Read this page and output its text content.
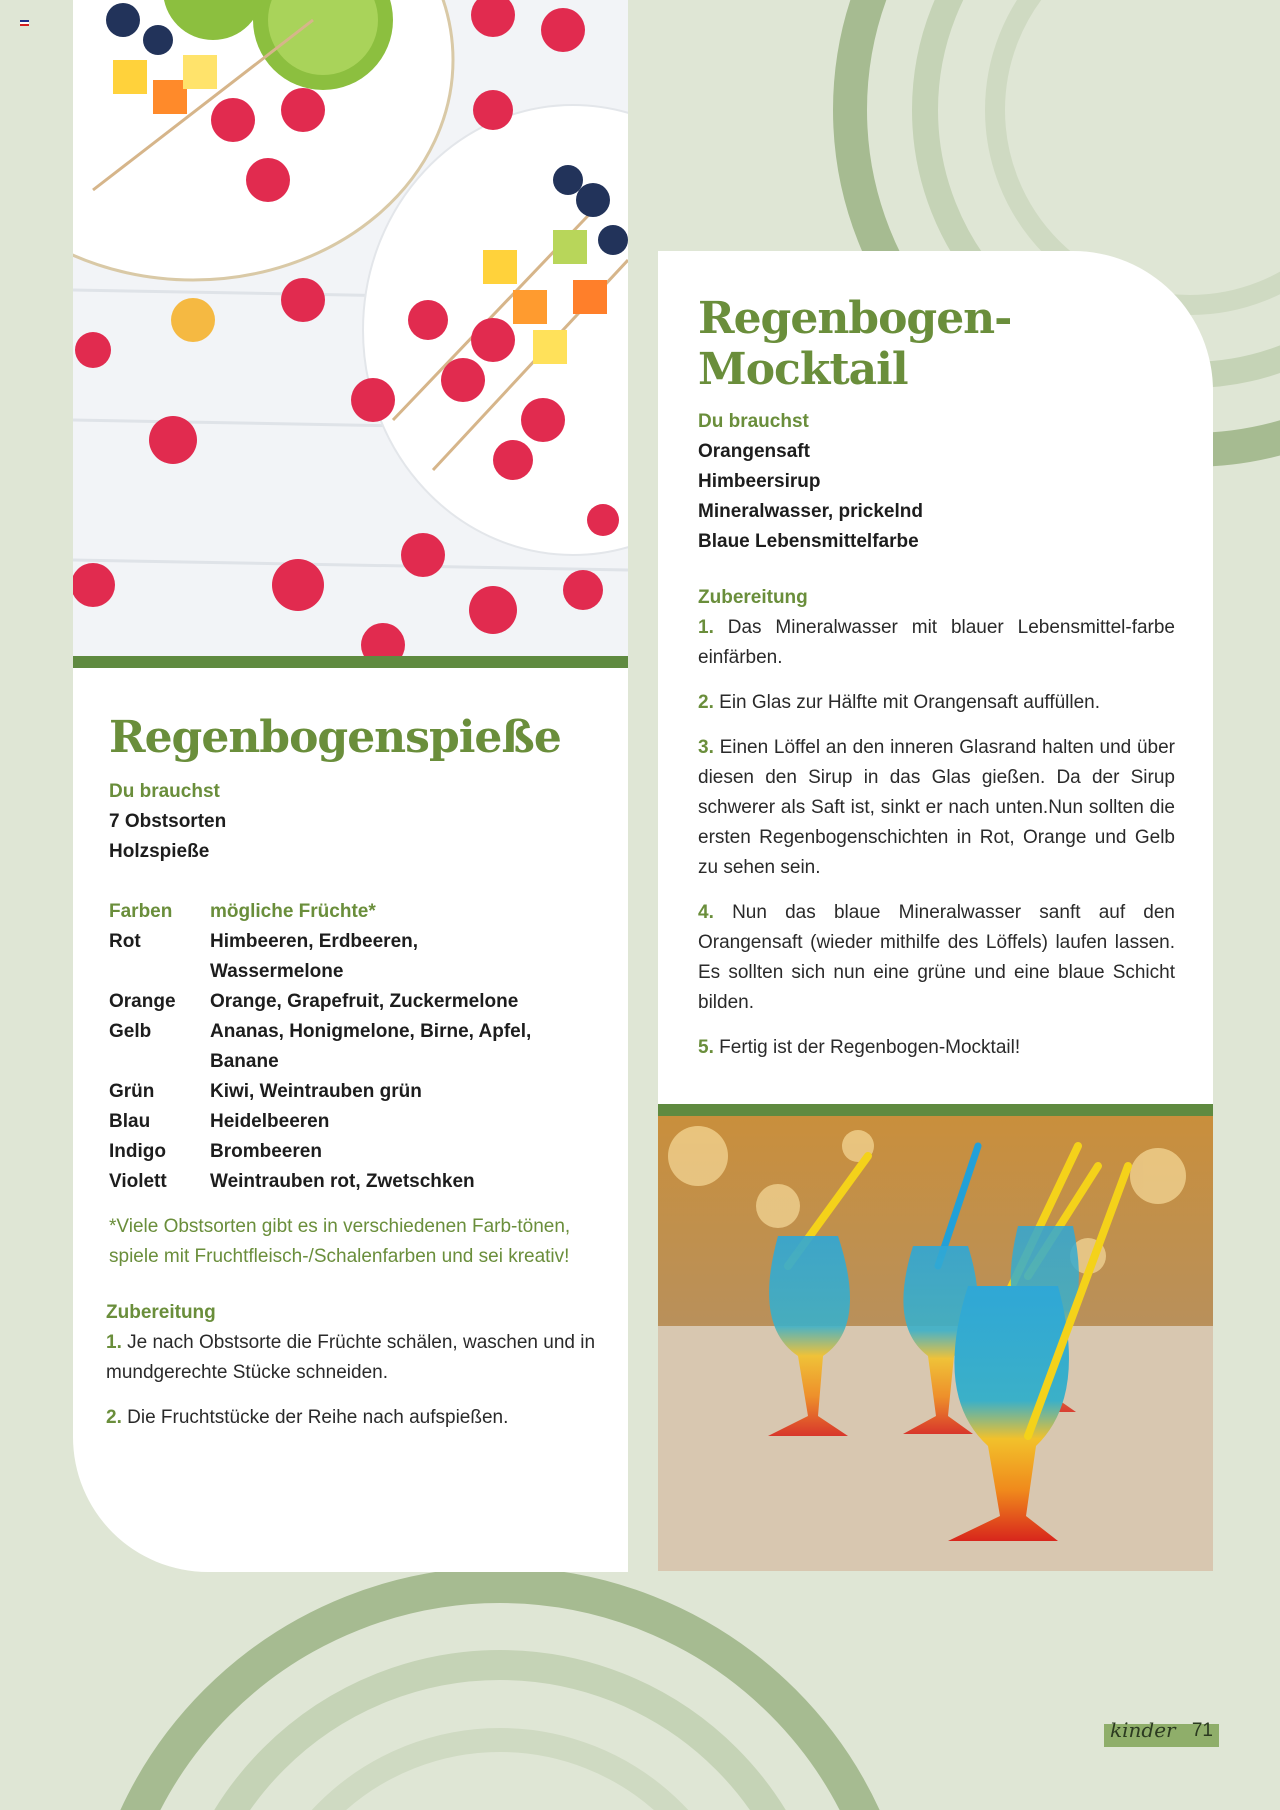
Regenbogenspieße
Du brauchst
7 Obstsorten
Holzspieße
Farben	mögliche Früchte*
Rot	Himbeeren, Erdbeeren, Wassermelone
Orange	Orange, Grapefruit, Zuckermelone
Gelb	Ananas, Honigmelone, Birne, Apfel, Banane
Grün	Kiwi, Weintrauben grün
Blau	Heidelbeeren
Indigo	Brombeeren
Violett	Weintrauben rot, Zwetschken
*Viele Obstsorten gibt es in verschiedenen Farb-tönen, spiele mit Fruchtfleisch-/Schalenfarben und sei kreativ!
Zubereitung

1. Je nach Obstsorte die Früchte schälen, waschen und in mundgerechte Stücke schneiden.

2. Die Fruchtstücke der Reihe nach aufspießen.

Regenbogen-Mocktail
Du brauchst
Orangensaft
Himbeersirup
Mineralwasser, prickelnd
Blaue Lebensmittelfarbe
Zubereitung

1. Das Mineralwasser mit blauer Lebensmittel-farbe einfärben.

2. Ein Glas zur Hälfte mit Orangensaft auffüllen.

3. Einen Löffel an den inneren Glasrand halten und über diesen den Sirup in das Glas gießen. Da der Sirup schwerer als Saft ist, sinkt er nach unten.Nun sollten die ersten Regenbogenschichten in Rot, Orange und Gelb zu sehen sein.

4. Nun das blaue Mineralwasser sanft auf den Orangensaft (wieder mithilfe des Löffels) laufen lassen. Es sollten sich nun eine grüne und eine blaue Schicht bilden.

5. Fertig ist der Regenbogen-Mocktail!

kinder 71
